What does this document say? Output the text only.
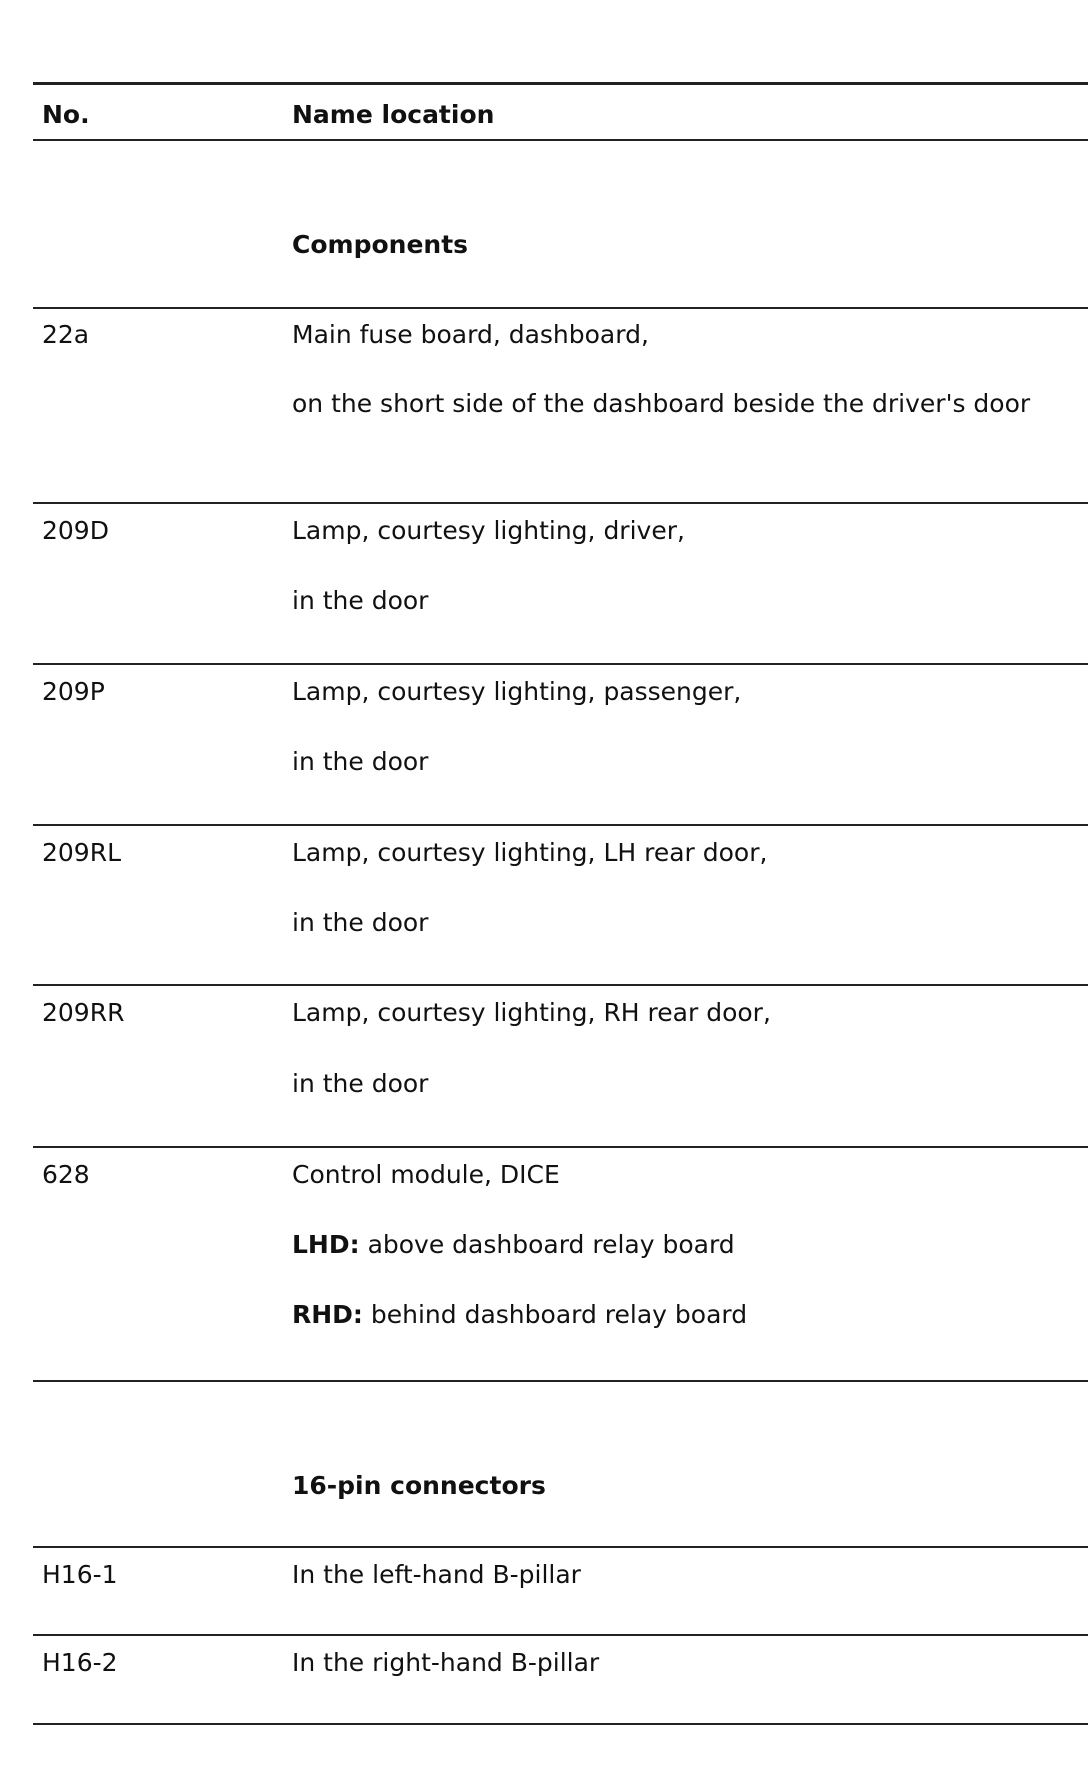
No.	Name location
Components
22a	Main fuse board, dashboard,
on the short side of the dashboard beside the driver's door
209D	Lamp, courtesy lighting, driver,
in the door
209P	Lamp, courtesy lighting, passenger,
in the door
209RL	Lamp, courtesy lighting, LH rear door,
in the door
209RR	Lamp, courtesy lighting, RH rear door,
in the door
628	Control module, DICE
LHD: above dashboard relay board
RHD: behind dashboard relay board
16-pin connectors
H16-1	In the left-hand B-pillar
H16-2	In the right-hand B-pillar
